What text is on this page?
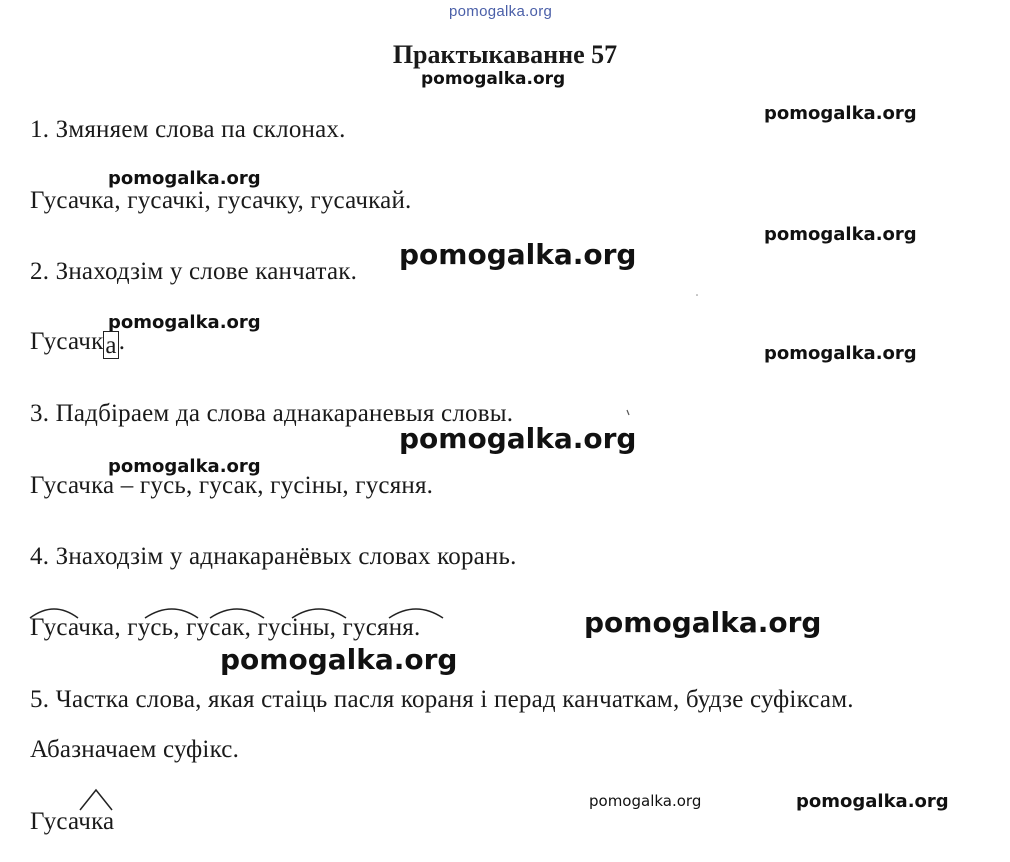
pomogalka.org
Практыкаванне 57
pomogalka.org
pomogalka.org
1. Змяняем слова па склонах.
pomogalka.org
Гусачка, гусачкі, гусачку, гусачкай.
pomogalka.org
2. Знаходзім у слове канчатак.
pomogalka.org
pomogalka.org
Гусачка.	pomogalka.org
3. Падбіраем да слова аднакараневыя словы.
pomogalka.org
pomogalka.org
Гусачка – гусь, гусак, гусіны, гусяня.
4. Знаходзім у аднакаранёвых словах корань.
Гусачка, гусь, гусак, гусіны, гусяня.	pomogalka.org
pomogalka.org
5. Частка слова, якая стаіць пасля кораня і перад канчаткам, будзе суфіксам.
Абазначаем суфікс.
Гусачка
pomogalka.org	pomogalka.org
